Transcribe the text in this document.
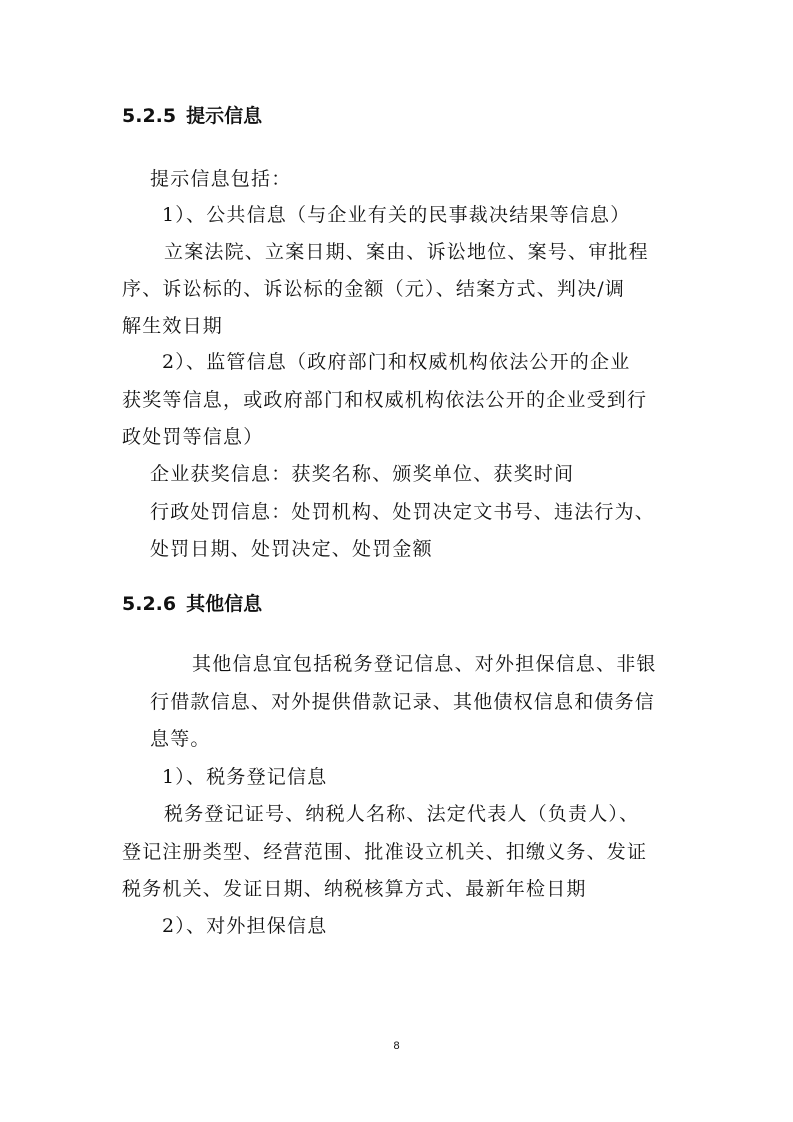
5.2.5 提示信息
提示信息包括：
1）、公共信息（与企业有关的民事裁决结果等信息）
立案法院、立案日期、案由、诉讼地位、案号、审批程
序、诉讼标的、诉讼标的金额（元）、结案方式、判决/调
解生效日期
2）、监管信息（政府部门和权威机构依法公开的企业
获奖等信息，或政府部门和权威机构依法公开的企业受到行
政处罚等信息）
企业获奖信息：获奖名称、颁奖单位、获奖时间
行政处罚信息：处罚机构、处罚决定文书号、违法行为、
处罚日期、处罚决定、处罚金额
5.2.6 其他信息
其他信息宜包括税务登记信息、对外担保信息、非银
行借款信息、对外提供借款记录、其他债权信息和债务信
息等。
1）、税务登记信息
税务登记证号、纳税人名称、法定代表人（负责人）、
登记注册类型、经营范围、批准设立机关、扣缴义务、发证
税务机关、发证日期、纳税核算方式、最新年检日期
2）、对外担保信息
8
